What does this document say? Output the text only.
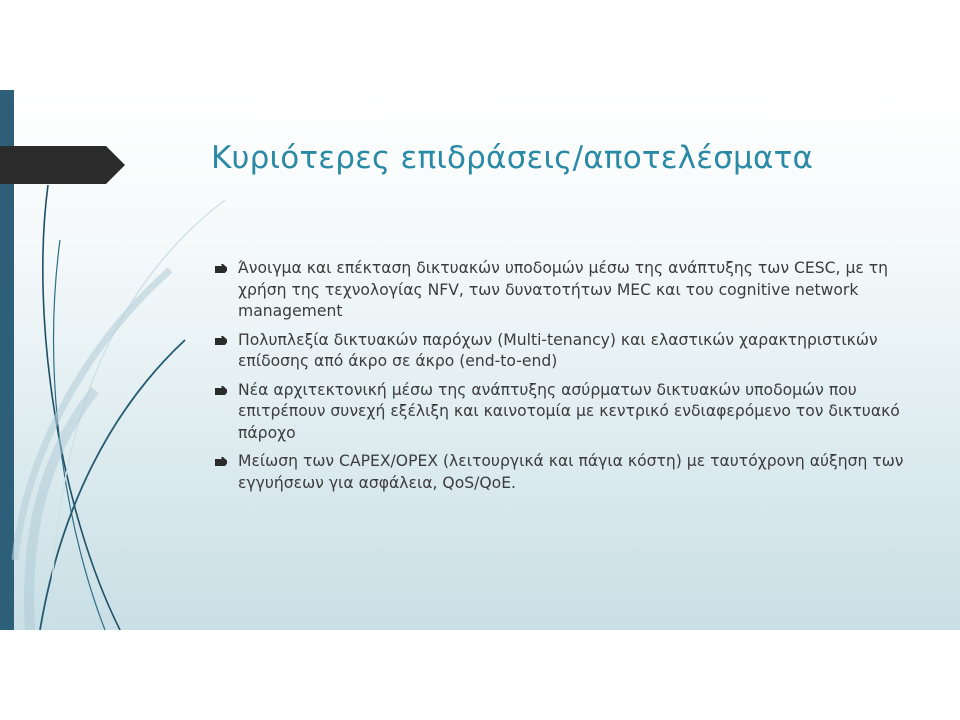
Κυριότερες επιδράσεις/αποτελέσματα
Άνοιγμα και επέκταση δικτυακών υποδομών μέσω της ανάπτυξης των CESC, με τη χρήση της τεχνολογίας NFV, των δυνατοτήτων MEC και του cognitive network management
Πολυπλεξία δικτυακών παρόχων (Multi-tenancy) και ελαστικών χαρακτηριστικών επίδοσης από άκρο σε άκρο (end-to-end)
Νέα αρχιτεκτονική μέσω της ανάπτυξης ασύρματων δικτυακών υποδομών που επιτρέπουν συνεχή εξέλιξη και καινοτομία με κεντρικό ενδιαφερόμενο τον δικτυακό πάροχο
Μείωση των CAPEX/OPEX (λειτουργικά και πάγια κόστη) με ταυτόχρονη αύξηση των εγγυήσεων για ασφάλεια, QoS/QoE.
